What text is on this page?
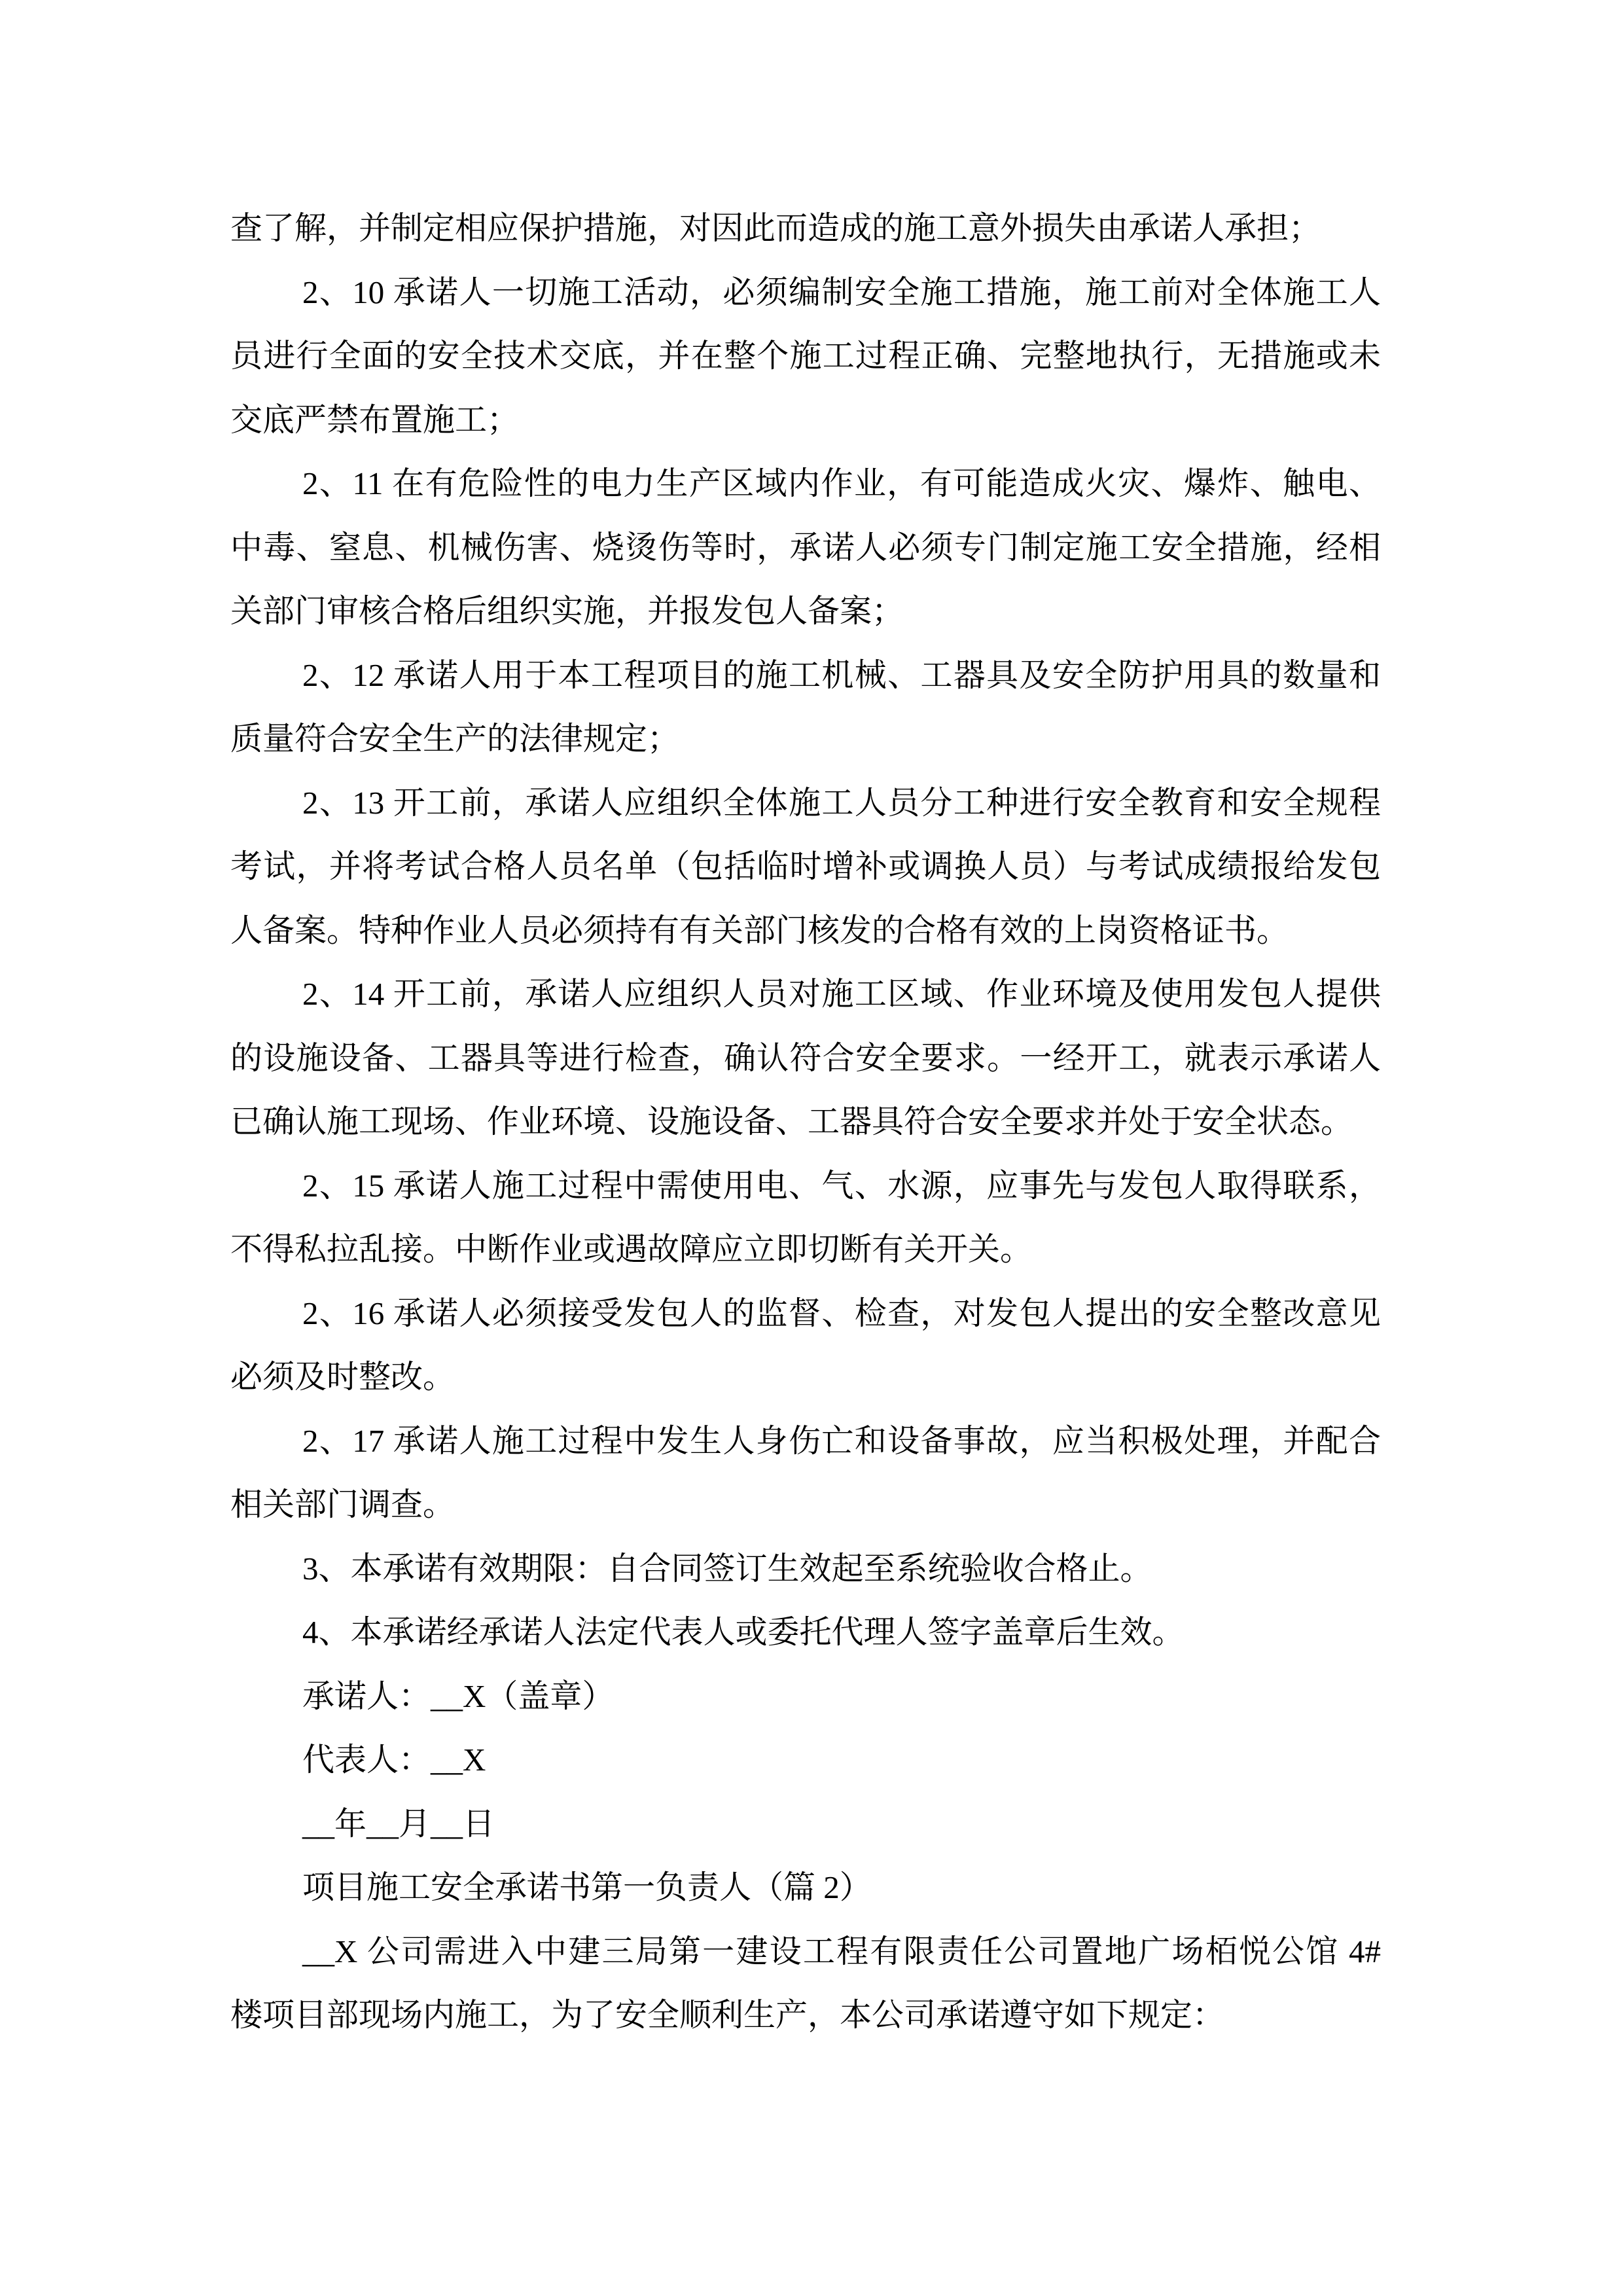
查了解，并制定相应保护措施，对因此而造成的施工意外损失由承诺人承担；
2、10 承诺人一切施工活动，必须编制安全施工措施，施工前对全体施工人
员进行全面的安全技术交底，并在整个施工过程正确、完整地执行，无措施或未
交底严禁布置施工；
2、11 在有危险性的电力生产区域内作业，有可能造成火灾、爆炸、触电、
中毒、窒息、机械伤害、烧烫伤等时，承诺人必须专门制定施工安全措施，经相
关部门审核合格后组织实施，并报发包人备案；
2、12 承诺人用于本工程项目的施工机械、工器具及安全防护用具的数量和
质量符合安全生产的法律规定；
2、13 开工前，承诺人应组织全体施工人员分工种进行安全教育和安全规程
考试，并将考试合格人员名单（包括临时增补或调换人员）与考试成绩报给发包
人备案。特种作业人员必须持有有关部门核发的合格有效的上岗资格证书。
2、14 开工前，承诺人应组织人员对施工区域、作业环境及使用发包人提供
的设施设备、工器具等进行检查，确认符合安全要求。一经开工，就表示承诺人
已确认施工现场、作业环境、设施设备、工器具符合安全要求并处于安全状态。
2、15 承诺人施工过程中需使用电、气、水源，应事先与发包人取得联系，
不得私拉乱接。中断作业或遇故障应立即切断有关开关。
2、16 承诺人必须接受发包人的监督、检查，对发包人提出的安全整改意见
必须及时整改。
2、17 承诺人施工过程中发生人身伤亡和设备事故，应当积极处理，并配合
相关部门调查。
3、本承诺有效期限：自合同签订生效起至系统验收合格止。
4、本承诺经承诺人法定代表人或委托代理人签字盖章后生效。
承诺人：__X（盖章）
代表人：__X
__年__月__日
项目施工安全承诺书第一负责人（篇 2）
__X 公司需进入中建三局第一建设工程有限责任公司置地广场栢悦公馆 4#
楼项目部现场内施工，为了安全顺利生产，本公司承诺遵守如下规定：
